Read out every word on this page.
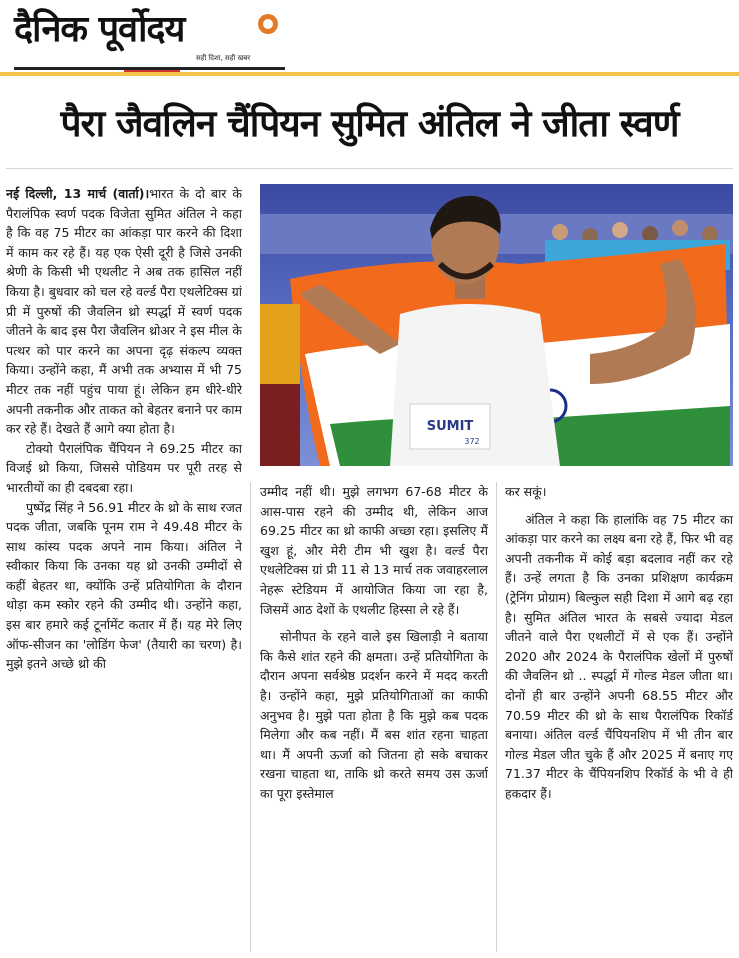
दैनिक पूर्वोदय
सही दिशा, सही खबर
पैरा जैवलिन चैंपियन सुमित अंतिल ने जीता स्वर्ण

नई दिल्ली, 13 मार्च (वार्ता)।भारत के दो बार के पैरालंपिक स्वर्ण पदक विजेता सुमित अंतिल ने कहा है कि वह 75 मीटर का आंकड़ा पार करने की दिशा में काम कर रहे हैं। यह एक ऐसी दूरी है जिसे उनकी श्रेणी के किसी भी एथलीट ने अब तक हासिल नहीं किया है। बुधवार को चल रहे वर्ल्ड पैरा एथलेटिक्स ग्रां प्री में पुरुषों की जैवलिन थ्रो स्पर्द्धा में स्वर्ण पदक जीतने के बाद इस पैरा जैवलिन थ्रोअर ने इस मील के पत्थर को पार करने का अपना दृढ़ संकल्प व्यक्त किया। उन्होंने कहा, मैं अभी तक अभ्यास में भी 75 मीटर तक नहीं पहुंच पाया हूं। लेकिन हम धीरे-धीरे अपनी तकनीक और ताकत को बेहतर बनाने पर काम कर रहे हैं। देखते हैं आगे क्या होता है।

टोक्यो पैरालंपिक चैंपियन ने 69.25 मीटर का विजई थ्रो किया, जिससे पोडियम पर पूरी तरह से भारतीयों का ही दबदबा रहा।

पुष्पेंद्र सिंह ने 56.91 मीटर के थ्रो के साथ रजत पदक जीता, जबकि पूनम राम ने 49.48 मीटर के साथ कांस्य पदक अपने नाम किया। अंतिल ने स्वीकार किया कि उनका यह थ्रो उनकी उम्मीदों से कहीं बेहतर था, क्योंकि उन्हें प्रतियोगिता के दौरान थोड़ा कम स्कोर रहने की उम्मीद थी। उन्होंने कहा, इस बार हमारे कई टूर्नामेंट कतार में हैं। यह मेरे लिए ऑफ-सीजन का 'लोडिंग फेज' (तैयारी का चरण) है। मुझे इतने अच्छे थ्रो की

SUMIT
372

उम्मीद नहीं थी। मुझे लगभग 67-68 मीटर के आस-पास रहने की उम्मीद थी, लेकिन आज 69.25 मीटर का थ्रो काफी अच्छा रहा। इसलिए मैं खुश हूं, और मेरी टीम भी खुश है। वर्ल्ड पैरा एथलेटिक्स ग्रां प्री 11 से 13 मार्च तक जवाहरलाल नेहरू स्टेडियम में आयोजित किया जा रहा है, जिसमें आठ देशों के एथलीट हिस्सा ले रहे हैं।

सोनीपत के रहने वाले इस खिलाड़ी ने बताया कि कैसे शांत रहने की क्षमता। उन्हें प्रतियोगिता के दौरान अपना सर्वश्रेष्ठ प्रदर्शन करने में मदद करती है। उन्होंने कहा, मुझे प्रतियोगिताओं का काफी अनुभव है। मुझे पता होता है कि मुझे कब पदक मिलेगा और कब नहीं। मैं बस शांत रहना चाहता था। मैं अपनी ऊर्जा को जितना हो सके बचाकर रखना चाहता था, ताकि थ्रो करते समय उस ऊर्जा का पूरा इस्तेमाल

कर सकूं।

अंतिल ने कहा कि हालांकि वह 75 मीटर का आंकड़ा पार करने का लक्ष्य बना रहे हैं, फिर भी वह अपनी तकनीक में कोई बड़ा बदलाव नहीं कर रहे हैं। उन्हें लगता है कि उनका प्रशिक्षण कार्यक्रम (ट्रेनिंग प्रोग्राम) बिल्कुल सही दिशा में आगे बढ़ रहा है। सुमित अंतिल भारत के सबसे ज्यादा मेडल जीतने वाले पैरा एथलीटों में से एक हैं। उन्होंने 2020 और 2024 के पैरालंपिक खेलों में पुरुषों की जैवलिन थ्रो .. स्पर्द्धा में गोल्ड मेडल जीता था। दोनों ही बार उन्होंने अपनी 68.55 मीटर और 70.59 मीटर की थ्रो के साथ पैरालंपिक रिकॉर्ड बनाया। अंतिल वर्ल्ड चैंपियनशिप में भी तीन बार गोल्ड मेडल जीत चुके हैं और 2025 में बनाए गए 71.37 मीटर के चैंपियनशिप रिकॉर्ड के भी वे ही हकदार हैं।
